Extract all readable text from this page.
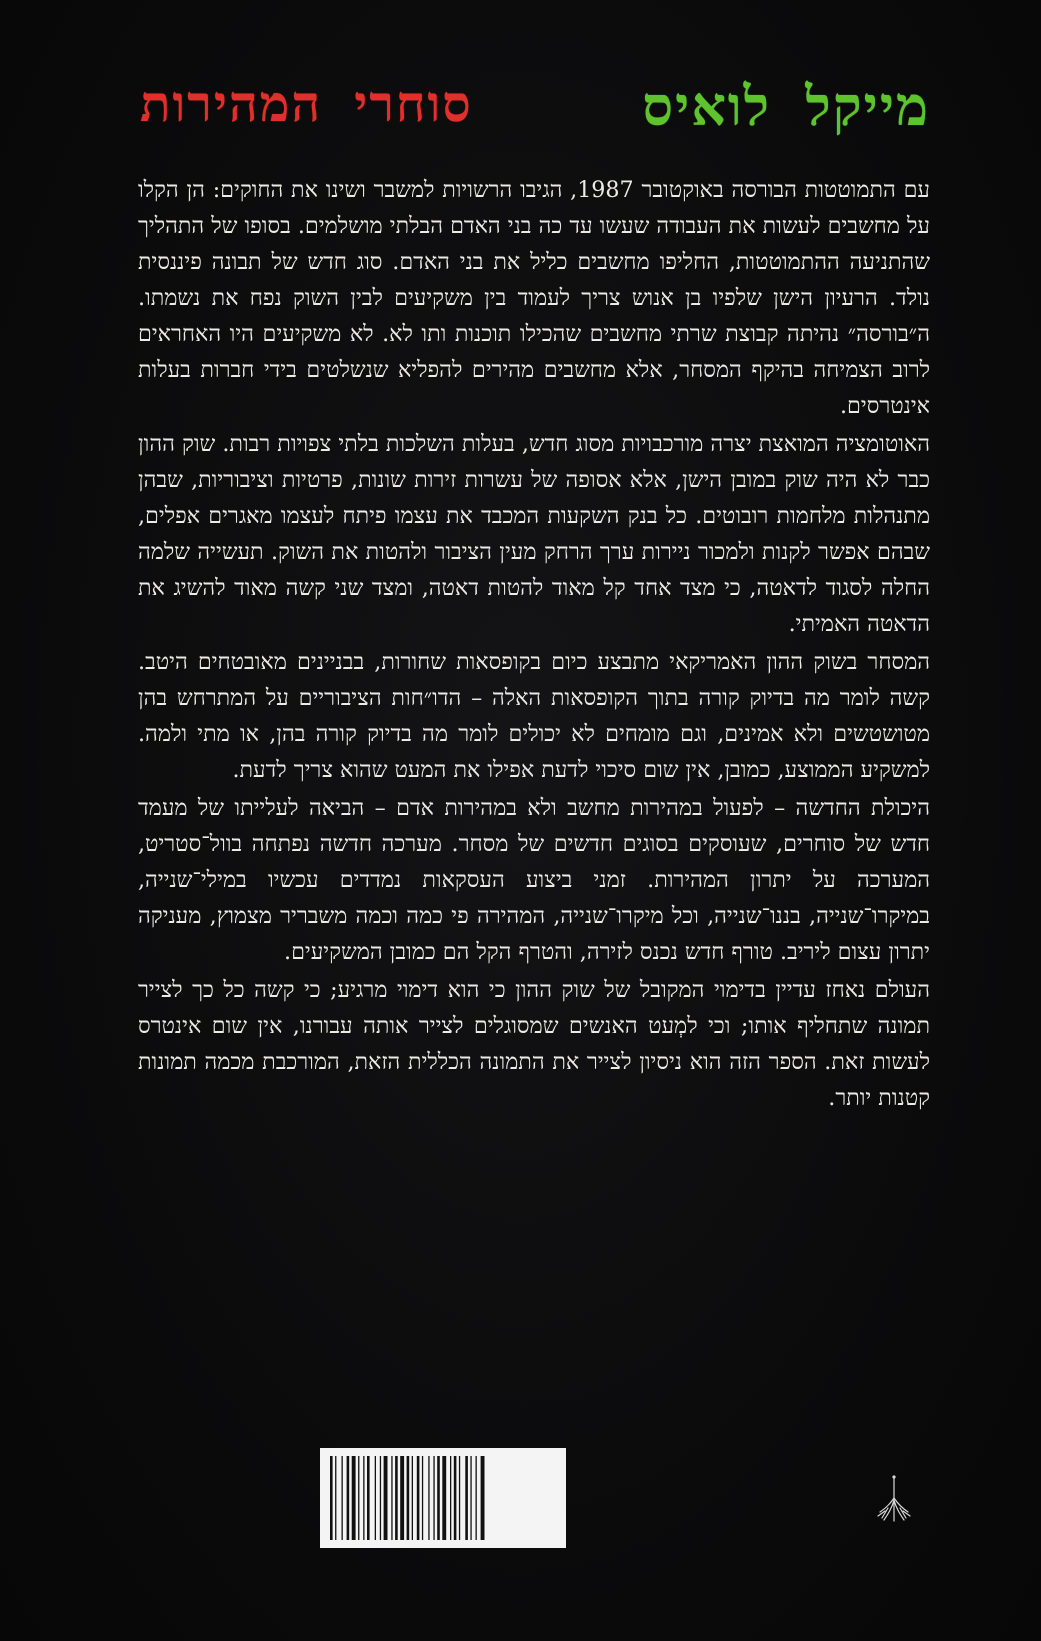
מייקל לואיס
סוחרי המהירות

עם התמוטטות הבורסה באוקטובר 1987, הגיבו הרשויות למשבר ושינו את החוקים: הן הקלו על מחשבים לעשות את העבודה שעשו עד כה בני האדם הבלתי מושלמים. בסופו של התהליך שהתניעה ההתמוטטות, החליפו מחשבים כליל את בני האדם. סוג חדש של תבונה פיננסית נולד. הרעיון הישן שלפיו בן אנוש צריך לעמוד בין משקיעים לבין השוק נפח את נשמתו. ה״בורסה״ נהיתה קבוצת שרתי מחשבים שהכילו תוכנות ותו לא. לא משקיעים היו האחראים לרוב הצמיחה בהיקף המסחר, אלא מחשבים מהירים להפליא שנשלטים בידי חברות בעלות אינטרסים.

האוטומציה המואצת יצרה מורכבויות מסוג חדש, בעלות השלכות בלתי צפויות רבות. שוק ההון כבר לא היה שוק במובן הישן, אלא אסופה של עשרות זירות שונות, פרטיות וציבוריות, שבהן מתנהלות מלחמות רובוטים. כל בנק השקעות המכבד את עצמו פיתח לעצמו מאגרים אפלים, שבהם אפשר לקנות ולמכור ניירות ערך הרחק מעין הציבור ולהטות את השוק. תעשייה שלמה החלה לסגוד לדאטה, כי מצד אחד קל מאוד להטות דאטה, ומצד שני קשה מאוד להשיג את הדאטה האמיתי.

המסחר בשוק ההון האמריקאי מתבצע כיום בקופסאות שחורות, בבניינים מאובטחים היטב. קשה לומר מה בדיוק קורה בתוך הקופסאות האלה – הדו״חות הציבוריים על המתרחש בהן מטושטשים ולא אמינים, וגם מומחים לא יכולים לומר מה בדיוק קורה בהן, או מתי ולמה. למשקיע הממוצע, כמובן, אין שום סיכוי לדעת אפילו את המעט שהוא צריך לדעת.

היכולת החדשה – לפעול במהירות מחשב ולא במהירות אדם – הביאה לעלייתו של מעמד חדש של סוחרים, שעוסקים בסוגים חדשים של מסחר. מערכה חדשה נפתחה בוול־סטריט, המערכה על יתרון המהירות. זמני ביצוע העסקאות נמדדים עכשיו במילי־שנייה, במיקרו־שנייה, בננו־שנייה, וכל מיקרו־שנייה, המהירה פי כמה וכמה משבריר מצמוץ, מעניקה יתרון עצום ליריב. טורף חדש נכנס לזירה, והטרף הקל הם כמובן המשקיעים.

העולם נאחז עדיין בדימוי המקובל של שוק ההון כי הוא דימוי מרגיע; כי קשה כל כך לצייר תמונה שתחליף אותו; וכי למְעט האנשים שמסוגלים לצייר אותה עבורנו, אין שום אינטרס לעשות זאת. הספר הזה הוא ניסיון לצייר את התמונה הכללית הזאת, המורכבת מכמה תמונות קטנות יותר.
